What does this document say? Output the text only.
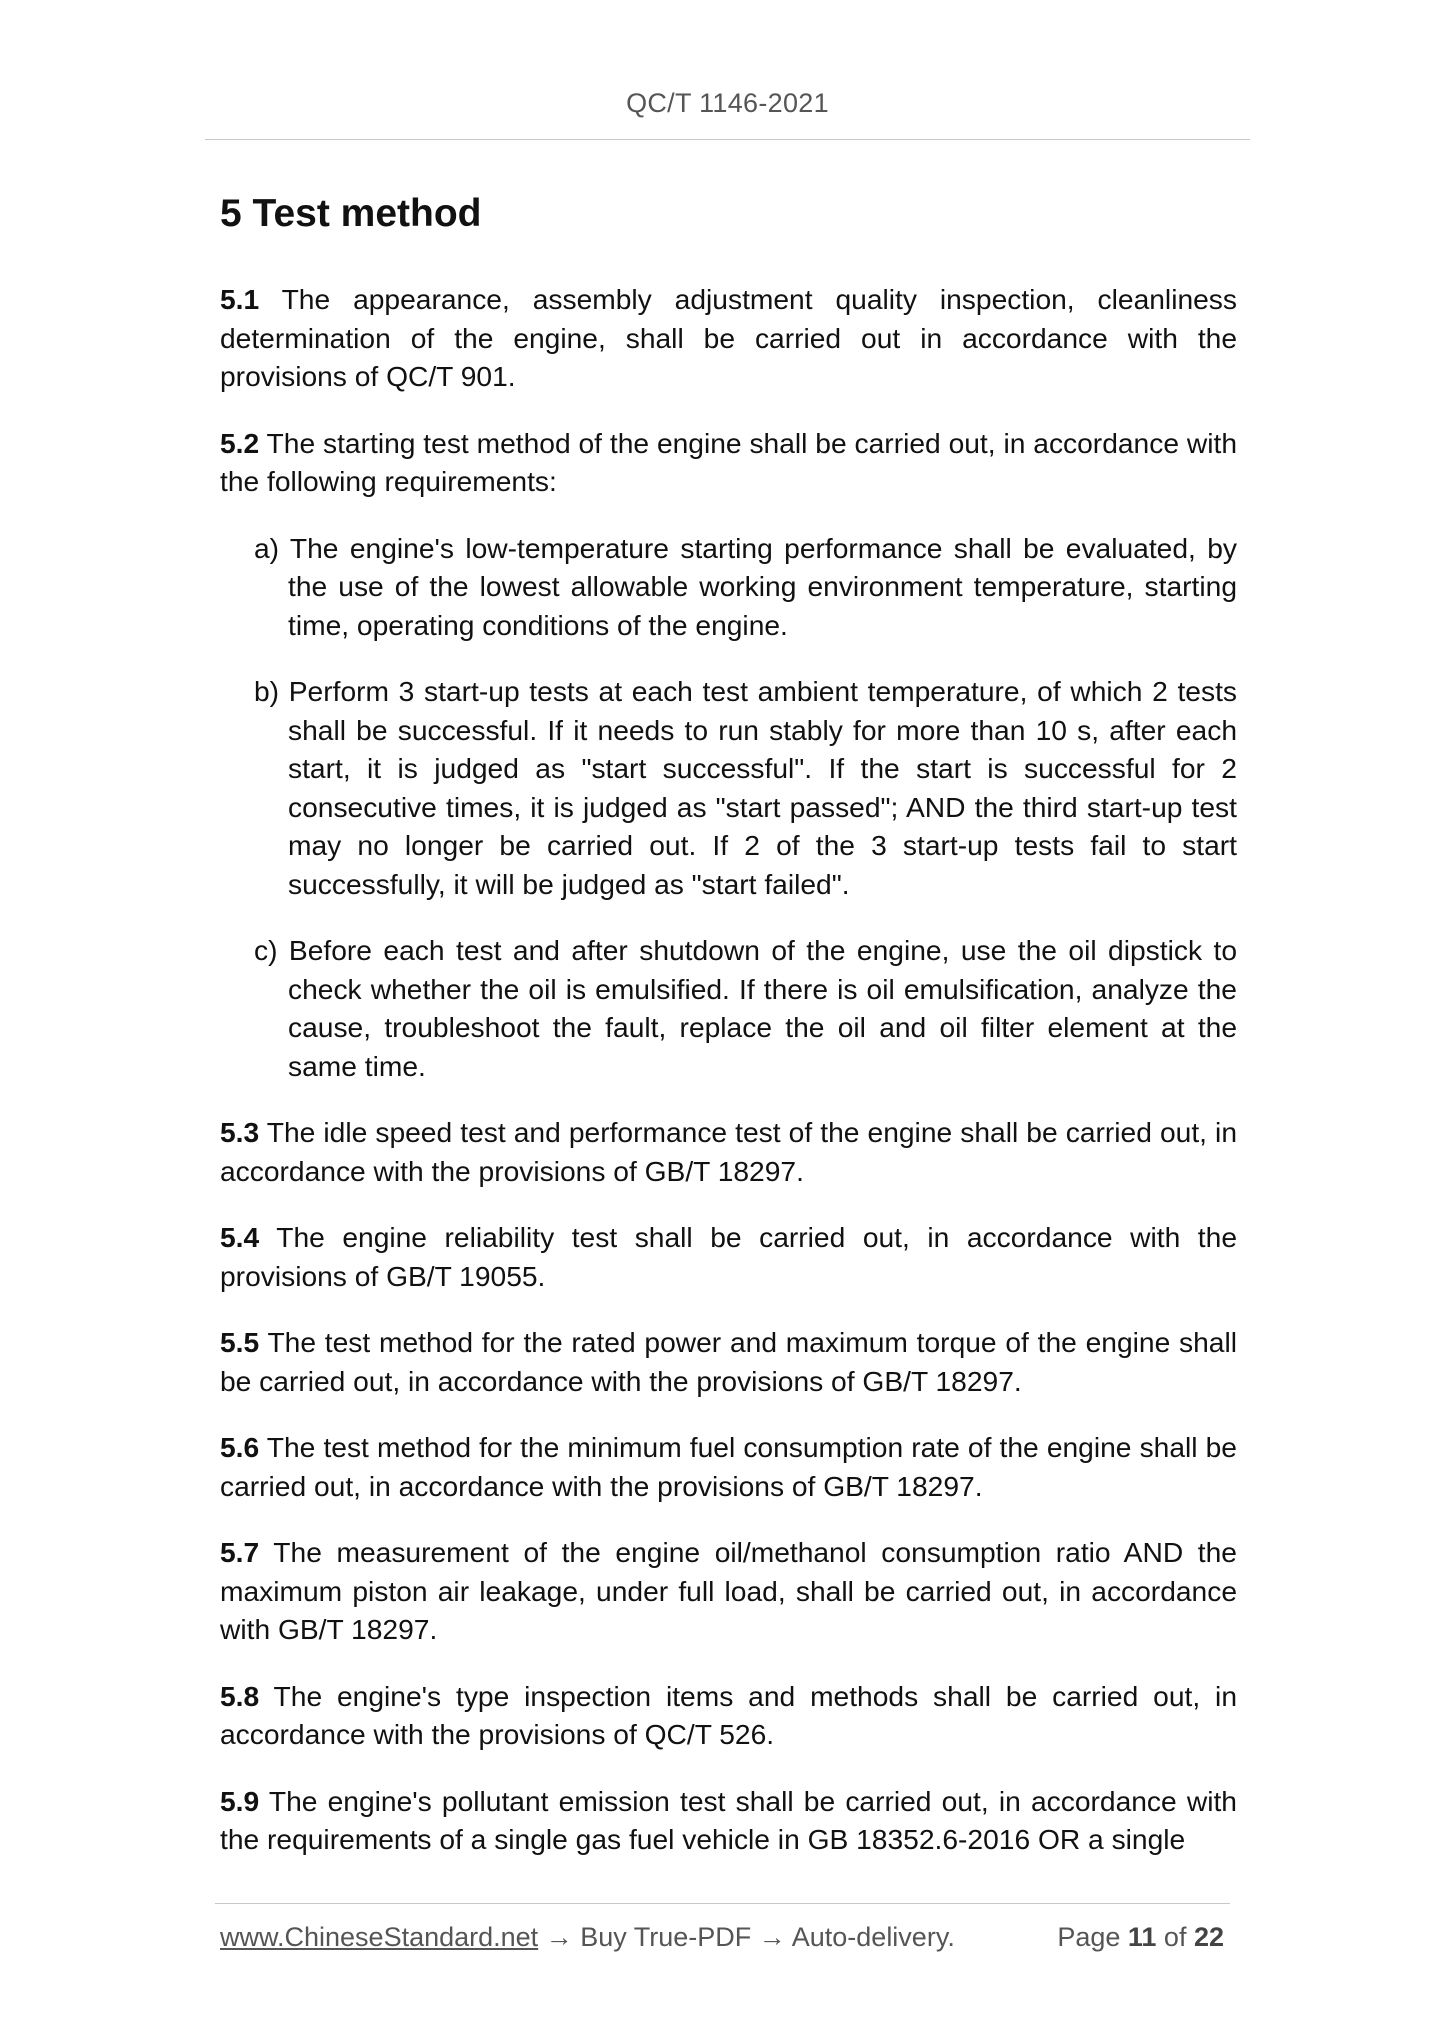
QC/T 1146-2021
5 Test method

5.1 The appearance, assembly adjustment quality inspection, cleanliness determination of the engine, shall be carried out in accordance with the provisions of QC/T 901.

5.2 The starting test method of the engine shall be carried out, in accordance with the following requirements:

a) The engine's low-temperature starting performance shall be evaluated, by the use of the lowest allowable working environment temperature, starting time, operating conditions of the engine.

b) Perform 3 start-up tests at each test ambient temperature, of which 2 tests shall be successful. If it needs to run stably for more than 10 s, after each start, it is judged as "start successful". If the start is successful for 2 consecutive times, it is judged as "start passed"; AND the third start-up test may no longer be carried out. If 2 of the 3 start-up tests fail to start successfully, it will be judged as "start failed".

c) Before each test and after shutdown of the engine, use the oil dipstick to check whether the oil is emulsified. If there is oil emulsification, analyze the cause, troubleshoot the fault, replace the oil and oil filter element at the same time.

5.3 The idle speed test and performance test of the engine shall be carried out, in accordance with the provisions of GB/T 18297.

5.4 The engine reliability test shall be carried out, in accordance with the provisions of GB/T 19055.

5.5 The test method for the rated power and maximum torque of the engine shall be carried out, in accordance with the provisions of GB/T 18297.

5.6 The test method for the minimum fuel consumption rate of the engine shall be carried out, in accordance with the provisions of GB/T 18297.

5.7 The measurement of the engine oil/methanol consumption ratio AND the maximum piston air leakage, under full load, shall be carried out, in accordance with GB/T 18297.

5.8 The engine's type inspection items and methods shall be carried out, in accordance with the provisions of QC/T 526.

5.9 The engine's pollutant emission test shall be carried out, in accordance with the requirements of a single gas fuel vehicle in GB 18352.6-2016 OR a single

www.ChineseStandard.net → Buy True-PDF → Auto-delivery.	Page 11 of 22
